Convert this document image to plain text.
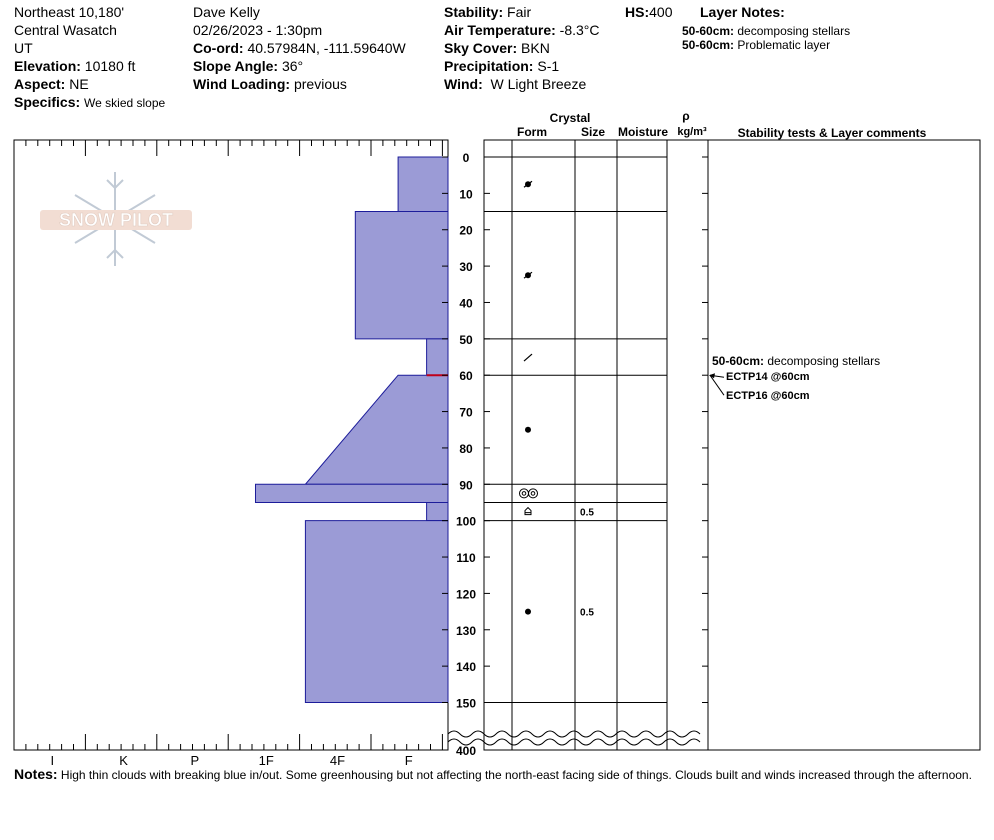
Northeast 10,180'
Central Wasatch
UT
Elevation: 10180 ft
Aspect: NE
Specifics: We skied slope
Dave Kelly
02/26/2023 - 1:30pm
Co-ord: 40.57984N, -111.59640W
Slope Angle: 36°
Wind Loading: previous
Stability: Fair
Air Temperature: -8.3°C
Sky Cover: BKN
Precipitation: S-1
Wind: W Light Breeze
HS:400 Layer Notes:
50-60cm: decomposing stellars
50-60cm: Problematic layer
SNOW PILOT
I	K	P	1F	4F	F
0
10
20
30
40
50
60
70
80
90
100
110
120
130
140
150
400
Crystal
Form	Size Moisture
ρ
kg/m³	Stability tests & Layer comments
0.5
0.5
50-60cm: decomposing stellars
ECTP14 @60cm
ECTP16 @60cm
Notes: High thin clouds with breaking blue in/out. Some greenhousing but not affecting the north-east facing side of things. Clouds built and winds increased through the afternoon.
